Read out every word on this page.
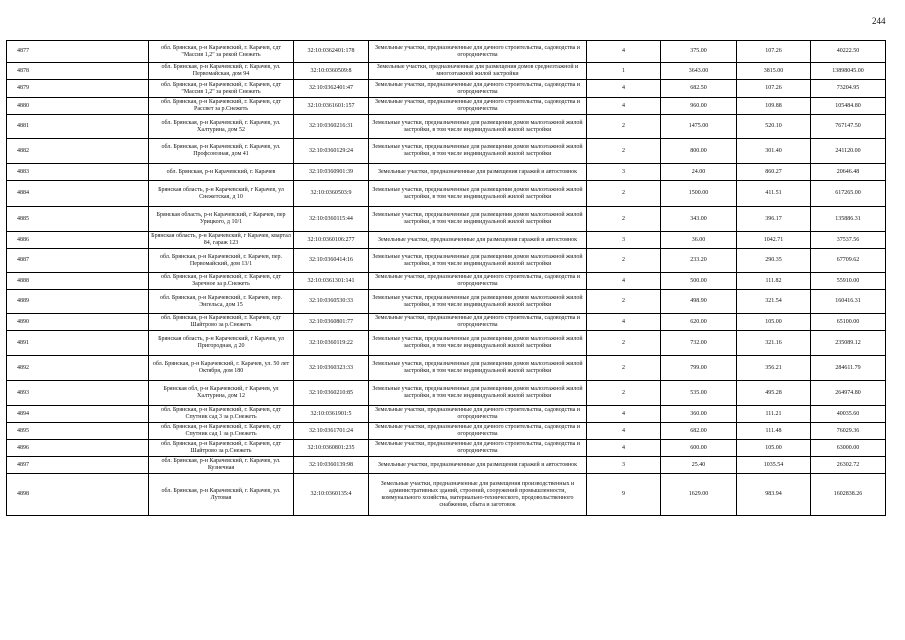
244
4877	обл. Брянская, р-н Карачевский, г. Карачев, сдт "Массив 1,2" за рекой Снежеть	32:10:0362401:178	Земельные участки, предназначенные для дачного строительства, садоводства и огородничества	4	375.00	107.26	40222.50
4878	обл. Брянская, р-н Карачевский, г. Карачев, ул. Первомайская, дом 94	32:10:0360509:8	Земельные участки, предназначенные для размещения домов среднеэтажной и многоэтажной жилой застройки	1	3643.00	3815.00	13898045.00
4879	обл. Брянская, р-н Карачевский, г. Карачев, сдт "Массив 1,2" за рекой Снежеть	32:10:0362401:47	Земельные участки, предназначенные для дачного строительства, садоводства и огородничества	4	682.50	107.26	73204.95
4880	обл. Брянская, р-н Карачевский, г. Карачев, сдт Рассвет за р.Снежеть	32:10:0361601:157	Земельные участки, предназначенные для дачного строительства, садоводства и огородничества	4	960.00	109.88	105484.80
4881	обл. Брянская, р-н Карачевский, г. Карачев, ул. Халтурина, дом 52	32:10:0360216:31	Земельные участки, предназначенные для размещения домов малоэтажной жилой застройки, в том числе индивидуальной жилой застройки	2	1475.00	520.10	767147.50
4882	обл. Брянская, р-н Карачевский, г. Карачев, ул. Профсоюзная, дом 41	32:10:0360129:24	Земельные участки, предназначенные для размещения домов малоэтажной жилой застройки, в том числе индивидуальной жилой застройки	2	800.00	301.40	241120.00
4883	обл. Брянская, р-н Карачевский, г. Карачев	32:10:0360901:39	Земельные участки, предназначенные для размещения гаражей и автостоянок	3	24.00	860.27	20646.48
4884	Брянская область, р-н Карачевский, г Карачев, ул Снежетская, д 10	32:10:0360503:9	Земельные участки, предназначенные для размещения домов малоэтажной жилой застройки, в том числе индивидуальной жилой застройки	2	1500.00	411.51	617265.00
4885	Брянская область, р-н Карачевский, г Карачев, пер Урицкого, д 10/1	32:10:0360115:44	Земельные участки, предназначенные для размещения домов малоэтажной жилой застройки, в том числе индивидуальной жилой застройки	2	343.00	396.17	135886.31
4886	Брянская область, р-н Карачевский, г Карачев, квартал 84, гараж 123	32:10:0360106:277	Земельные участки, предназначенные для размещения гаражей и автостоянок	3	36.00	1042.71	37537.56
4887	обл. Брянская, р-н Карачевский, г. Карачев, пер. Первомайский, дом 13/1	32:10:0360414:16	Земельные участки, предназначенные для размещения домов малоэтажной жилой застройки, в том числе индивидуальной жилой застройки	2	233.20	290.35	67709.62
4888	обл. Брянская, р-н Карачевский, г. Карачев, сдт Заречное за р.Снежеть	32:10:0361301:141	Земельные участки, предназначенные для дачного строительства, садоводства и огородничества	4	500.00	111.82	55910.00
4889	обл. Брянская, р-н Карачевский, г. Карачев, пер. Энгельса, дом 15	32:10:0360530:33	Земельные участки, предназначенные для размещения домов малоэтажной жилой застройки, в том числе индивидуальной жилой застройки	2	498.90	321.54	160416.31
4890	обл. Брянская, р-н Карачевский, г. Карачев, сдт Шайтрово за р.Снежеть	32:10:0360801:77	Земельные участки, предназначенные для дачного строительства, садоводства и огородничества	4	620.00	105.00	65100.00
4891	Брянская область, р-н Карачевский, г Карачев, ул Пригородная, д 20	32:10:0360119:22	Земельные участки, предназначенные для размещения домов малоэтажной жилой застройки, в том числе индивидуальной жилой застройки	2	732.00	321.16	235089.12
4892	обл. Брянская, р-н Карачевский, г. Карачев, ул. 50 лет Октября, дом 180	32:10:0360323:33	Земельные участки, предназначенные для размещения домов малоэтажной жилой застройки, в том числе индивидуальной жилой застройки	2	799.00	356.21	284611.79
4893	Брянская обл, р-н Карачевский, г Карачев, ул Халтурина, дом 12	32:10:0360210:85	Земельные участки, предназначенные для размещения домов малоэтажной жилой застройки, в том числе индивидуальной жилой застройки	2	535.00	495.28	264974.80
4894	обл. Брянская, р-н Карачевский, г. Карачев, сдт Спутник сад 3 за р.Снежеть	32:10:0361901:5	Земельные участки, предназначенные для дачного строительства, садоводства и огородничества	4	360.00	111.21	40035.60
4895	обл. Брянская, р-н Карачевский, г. Карачев, сдт Спутник сад 1 за р.Снежеть	32:10:0361701:24	Земельные участки, предназначенные для дачного строительства, садоводства и огородничества	4	682.00	111.48	76029.36
4896	обл. Брянская, р-н Карачевский, г. Карачев, сдт Шайтрово за р.Снежеть	32:10:0360801:235	Земельные участки, предназначенные для дачного строительства, садоводства и огородничества	4	600.00	105.00	63000.00
4897	обл. Брянская, р-н Карачевский, г. Карачев, ул. Кузнечная	32:10:0360139:98	Земельные участки, предназначенные для размещения гаражей и автостоянок	3	25.40	1035.54	26302.72
4898	обл. Брянская, р-н Карачевский, г. Карачев, ул. Лутовая	32:10:0360135:4	Земельные участки, предназначенные для размещения производственных и административных зданий, строений, сооружений промышленности, коммунального хозяйства, материально-технического, продовольственного снабжения, сбыта и заготовок	9	1629.00	983.94	1602838.26
